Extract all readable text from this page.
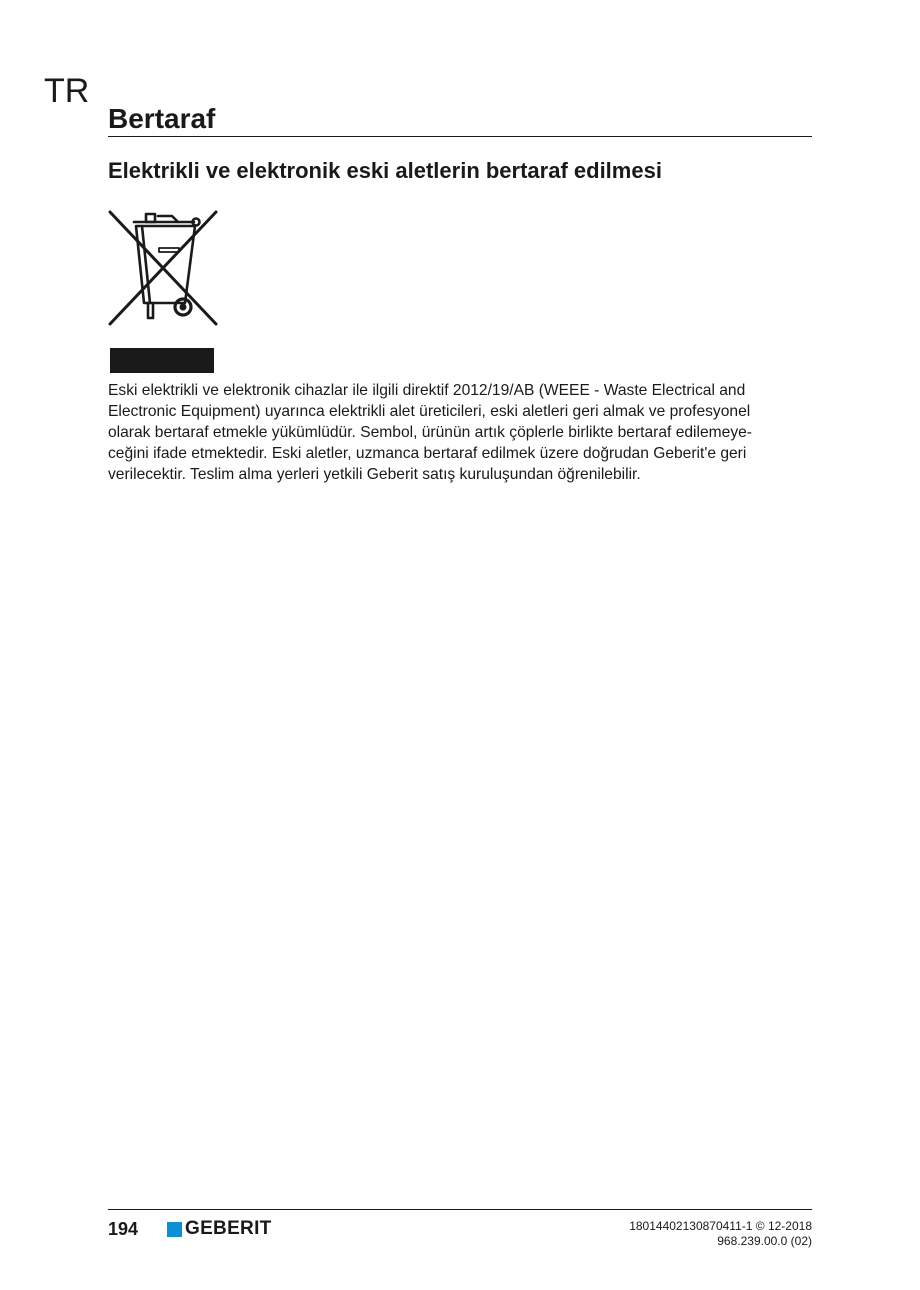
TR
Bertaraf
Elektrikli ve elektronik eski aletlerin bertaraf edilmesi

Eski elektrikli ve elektronik cihazlar ile ilgili direktif 2012/19/AB (WEEE - Waste Electrical and
Electronic Equipment) uyarınca elektrikli alet üreticileri, eski aletleri geri almak ve profesyonel
olarak bertaraf etmekle yükümlüdür. Sembol, ürünün artık çöplerle birlikte bertaraf edilemeye-
ceğini ifade etmektedir. Eski aletler, uzmanca bertaraf edilmek üzere doğrudan Geberit'e geri
verilecektir. Teslim alma yerleri yetkili Geberit satış kuruluşundan öğrenilebilir.

194 GEBERIT	18014402130870411-1 © 12-2018
968.239.00.0 (02)
